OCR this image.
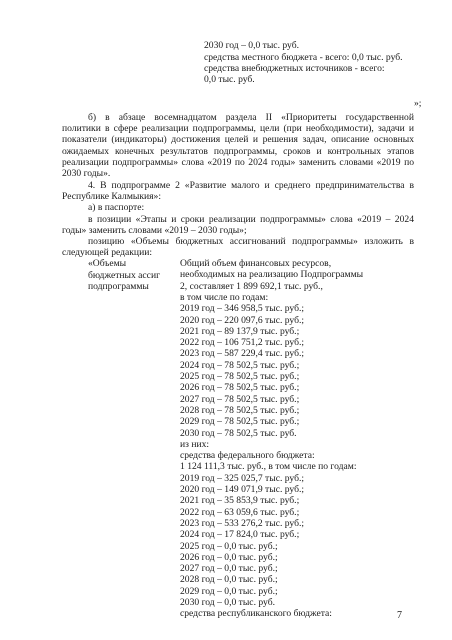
2030 год – 0,0 тыс. руб.
средства местного бюджета - всего: 0,0 тыс. руб.
средства внебюджетных источников - всего:
0,0 тыс. руб.
»;
б) в абзаце восемнадцатом раздела II «Приоритеты государственной
политики в сфере реализации подпрограммы, цели (при необходимости), задачи и
показатели (индикаторы) достижения целей и решения задач, описание основных
ожидаемых конечных результатов подпрограммы, сроков и контрольных этапов
реализации подпрограммы» слова «2019 по 2024 годы» заменить словами «2019 по
2030 годы».
4. В подпрограмме 2 «Развитие малого и среднего предпринимательства в
Республике Калмыкия»:
а) в паспорте:
в позиции «Этапы и сроки реализации подпрограммы» слова «2019 – 2024
годы» заменить словами «2019 – 2030 годы»;
позицию «Объемы бюджетных ассигнований подпрограммы» изложить в
следующей редакции:
«Объемы
бюджетных ассиг
подпрограммы
Общий объем финансовых ресурсов,
необходимых на реализацию Подпрограммы
2, составляет 1 899 692,1 тыс. руб.,
в том числе по годам:
2019 год – 346 958,5 тыс. руб.;
2020 год – 220 097,6 тыс. руб.;
2021 год – 89 137,9 тыс. руб.;
2022 год – 106 751,2 тыс. руб.;
2023 год – 587 229,4 тыс. руб.;
2024 год – 78 502,5 тыс. руб.;
2025 год – 78 502,5 тыс. руб.;
2026 год – 78 502,5 тыс. руб.;
2027 год – 78 502,5 тыс. руб.;
2028 год – 78 502,5 тыс. руб.;
2029 год – 78 502,5 тыс. руб.;
2030 год – 78 502,5 тыс. руб.
из них:
средства федерального бюджета:
1 124 111,3 тыс. руб., в том числе по годам:
2019 год – 325 025,7 тыс. руб.;
2020 год – 149 071,9 тыс. руб.;
2021 год – 35 853,9 тыс. руб.;
2022 год – 63 059,6 тыс. руб.;
2023 год – 533 276,2 тыс. руб.;
2024 год – 17 824,0 тыс. руб.;
2025 год – 0,0 тыс. руб.;
2026 год – 0,0 тыс. руб.;
2027 год – 0,0 тыс. руб.;
2028 год – 0,0 тыс. руб.;
2029 год – 0,0 тыс. руб.;
2030 год – 0,0 тыс. руб.
средства республиканского бюджета:	7
